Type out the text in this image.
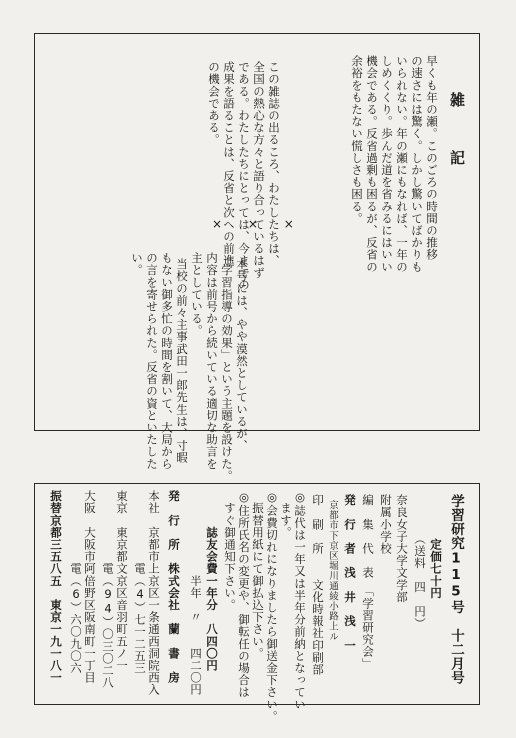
雑　記
早くも年の瀬。このごろの時間の推移
の速さには驚く。しかし驚いてばかりも
いられない。年の瀬にもなれば、一年の
しめくくり。歩んだ道を省みるにはいい
機会である。反省過剰も困るが、反省の
余裕をもたない慌しさも困る。
この雑誌の出るころ、わたしたちは、
全国の熱心な方々と語り合っているはず
である。わたしたちにとっては、今までの
成果を語ることは、反省と次への前進
の機会である。
×　　×　　×
本号には、やや漠然としているが、
「学習指導の効果」という主題を設けた。
内容は前号から続いている適切な助言を
主としている。
当校の前々主事武田一郎先生は、寸暇
もない御多忙の時間を割いて、大局から
の言を寄せられた。反省の資といたした
い。
学習研究115号　十二月号
　　　　定価七十円
　　　　（送料　四　円）
奈良女子大学文学部
附属小学校
編　集　代　表　「学習研究会」
発　行　者　浅　井　浅　一
　京都市下京区堀川通綾小路上ル
印　刷　所　　文化時報社印刷部
◎誌代は一年又は半年分前納となってい
　ます。
◎会費切れになりましたら御送金下さい。
　振替用紙にて御払込下さい。
◎住所氏名の変更や、御転任の場合は
　すぐ御通知下さい。
　　　誌友会費一年分　八四〇円
　　　　　　　半年　〃　　四二〇円
発　行　所　株式会社　蘭　書　房
本社　京都市上京区一条通西洞院西入
　　　　　　電（4）七一二五三
東京　東京都文京区音羽町五ノ一
　　　　　　電（94）〇三〇二八
大阪　大阪市阿倍野区阪南町一丁目
　　　　　　電（6）六〇九〇六
振替京都三五八五　東京一九一八一
